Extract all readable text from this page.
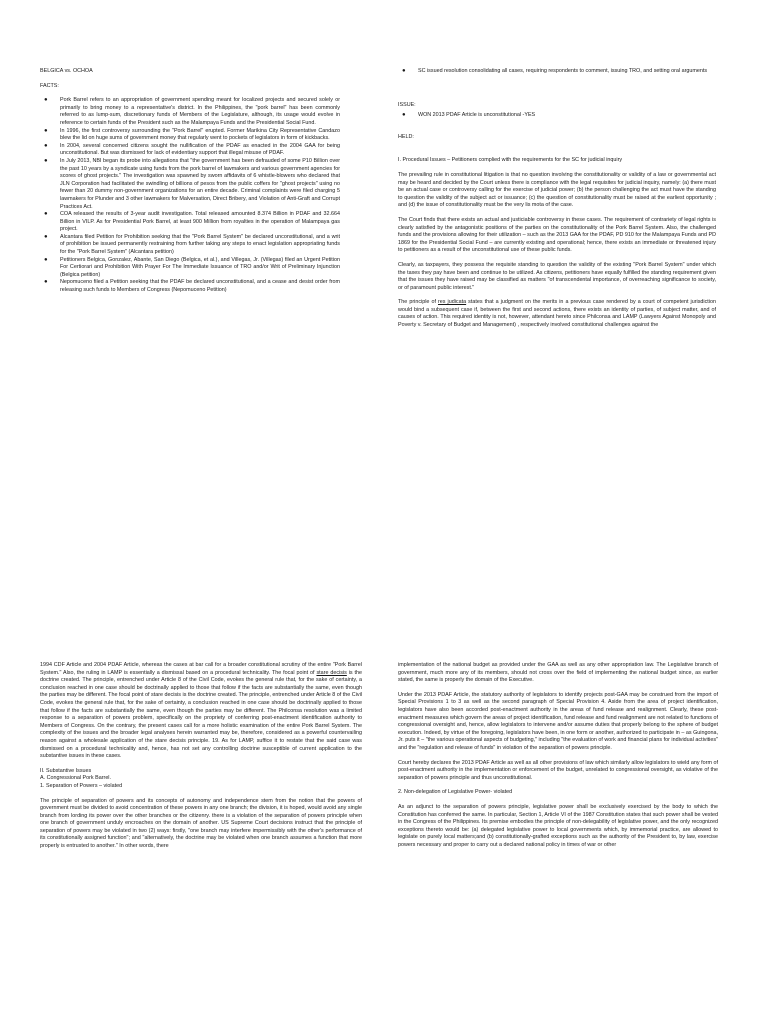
BELGICA vs. OCHOA
FACTS:
● Pork Barrel refers to an appropriation of government spending meant for localized projects and secured solely or primarily to bring money to a representative's district. In the Philippines, the "pork barrel" has been commonly referred to as lump-sum, discretionary funds of Members of the Legislature, although, its usage would evolve in reference to certain funds of the President such as the Malampaya Funds and the Presidential Social Fund.
● In 1996, the first controversy surrounding the "Pork Barrel" erupted. Former Marikina City Representative Candazo blew the lid on huge sums of government money that regularly went to pockets of legislators in form of kickbacks.
● In 2004, several concerned citizens sought the nullification of the PDAF as enacted in the 2004 GAA for being unconstitutional. But was dismissed for lack of evidentiary support that illegal misuse of PDAF.
● In July 2013, NBI began its probe into allegations that "the government has been defrauded of some P10 Billion over the past 10 years by a syndicate using funds from the pork barrel of lawmakers and various government agencies for scores of ghost projects." The investigation was spawned by sworn affidavits of 6 whistle-blowers who declared that JLN Corporation had facilitated the swindling of billions of pesos from the public coffers for "ghost projects" using no fewer than 20 dummy non-government organizations for an entire decade. Criminal complaints were filed charging 5 lawmakers for Plunder and 3 other lawmakers for Malversation, Direct Bribery, and Violation of Anti-Graft and Corrupt Practices Act.
● COA released the results of 3-year audit investigation. Total released amounted 8.374 Billion in PDAF and 32.664 Billion in VILP. As for Presidential Pork Barrel, at least 900 Million from royalties in the operation of Malampaya gas project.
● Alcantara filed Petition for Prohibition seeking that the "Pork Barrel System" be declared unconstitutional, and a writ of prohibition be issued permanently restraining from further taking any steps to enact legislation appropriating funds for the "Pork Barrel System" (Alcantara petition)
● Petitioners Belgica, Gonzalez, Abante, San Diego (Belgica, et al.), and Villegas, Jr. (Villegas) filed an Urgent Petition For Certiorari and Prohibition With Prayer For The Immediate Issuance of TRO and/or Writ of Preliminary Injunction (Belgica petition)
● Nepomuceno filed a Petition seeking that the PDAF be declared unconstitutional, and a cease and desist order from releasing such funds to Members of Congress (Nepomuceno Petition)
● SC issued resolution consolidating all cases, requiring respondents to comment, issuing TRO, and setting oral arguments
ISSUE:
● WON 2013 PDAF Article is unconstitutional -YES
HELD:

I. Procedural Issues – Petitioners complied with the requirements for the SC for judicial inquiry

The prevailing rule in constitutional litigation is that no question involving the constitutionality or validity of a law or governmental act may be heard and decided by the Court unless there is compliance with the legal requisites for judicial inquiry, namely: (a) there must be an actual case or controversy calling for the exercise of judicial power; (b) the person challenging the act must have the standing to question the validity of the subject act or issuance; (c) the question of constitutionality must be raised at the earliest opportunity ; and (d) the issue of constitutionality must be the very lis mota of the case.

The Court finds that there exists an actual and justiciable controversy in these cases. The requirement of contrariety of legal rights is clearly satisfied by the antagonistic positions of the parties on the constitutionality of the Pork Barrel System. Also, the challenged funds and the provisions allowing for their utilization – such as the 2013 GAA for the PDAF, PD 910 for the Malampaya Funds and PD 1869 for the Presidential Social Fund – are currently existing and operational; hence, there exists an immediate or threatened injury to petitioners as a result of the unconstitutional use of these public funds.

Clearly, as taxpayers, they possess the requisite standing to question the validity of the existing "Pork Barrel System" under which the taxes they pay have been and continue to be utilized. As citizens, petitioners have equally fulfilled the standing requirement given that the issues they have raised may be classified as matters "of transcendental importance, of overreaching significance to society, or of paramount public interest."

The principle of res judicata states that a judgment on the merits in a previous case rendered by a court of competent jurisdiction would bind a subsequent case if, between the first and second actions, there exists an identity of parties, of subject matter, and of causes of action. This required identity is not, however, attendant hereto since Philconsa and LAMP (Lawyers Against Monopoly and Poverty v. Secretary of Budget and Management) , respectively involved constitutional challenges against the

1994 CDF Article and 2004 PDAF Article, whereas the cases at bar call for a broader constitutional scrutiny of the entire "Pork Barrel System." Also, the ruling in LAMP is essentially a dismissal based on a procedural technicality. The focal point of stare decisis is the doctrine created. The principle, entrenched under Article 8 of the Civil Code, evokes the general rule that, for the sake of certainty, a conclusion reached in one case should be doctrinally applied to those that follow if the facts are substantially the same, even though the parties may be different. The focal point of stare decisis is the doctrine created. The principle, entrenched under Article 8 of the Civil Code, evokes the general rule that, for the sake of certainty, a conclusion reached in one case should be doctrinally applied to those that follow if the facts are substantially the same, even though the parties may be different. The Philconsa resolution was a limited response to a separation of powers problem, specifically on the propriety of conferring post-enactment identification authority to Members of Congress. On the contrary, the present cases call for a more holistic examination of the entire Pork Barrel System. The complexity of the issues and the broader legal analyses herein warranted may be, therefore, considered as a powerful countervailing reason against a wholesale application of the stare decisis principle. 19. As for LAMP, suffice it to restate that the said case was dismissed on a procedural technicality and, hence, has not set any controlling doctrine susceptible of current application to the substantive issues in these cases.

II. Substantive Issues
A. Congressional Pork Barrel.

1. Separation of Powers – violated

The principle of separation of powers and its concepts of autonomy and independence stem from the notion that the powers of government must be divided to avoid concentration of these powers in any one branch; the division, it is hoped, would avoid any single branch from lording its power over the other branches or the citizenry. there is a violation of the separation of powers principle when one branch of government unduly encroaches on the domain of another. US Supreme Court decisions instruct that the principle of separation of powers may be violated in two (2) ways: firstly, "one branch may interfere impermissibly with the other's performance of its constitutionally assigned function"; and "alternatively, the doctrine may be violated when one branch assumes a function that more properly is entrusted to another." In other words, there

implementation of the national budget as provided under the GAA as well as any other appropriation law. The Legislative branch of government, much more any of its members, should not cross over the field of implementing the national budget since, as earlier stated, the same is properly the domain of the Executive.

Under the 2013 PDAF Article, the statutory authority of legislators to identify projects post-GAA may be construed from the import of Special Provisions 1 to 3 as well as the second paragraph of Special Provision 4. Aside from the area of project identification, legislators have also been accorded post-enactment authority in the areas of fund release and realignment. Clearly, these post-enactment measures which govern the areas of project identification, fund release and fund realignment are not related to functions of congressional oversight and, hence, allow legislators to intervene and/or assume duties that properly belong to the sphere of budget execution. Indeed, by virtue of the foregoing, legislators have been, in one form or another, authorized to participate in – as Guingona, Jr. puts it – "the various operational aspects of budgeting," including "the evaluation of work and financial plans for individual activities" and the "regulation and release of funds" in violation of the separation of powers principle.

Court hereby declares the 2013 PDAF Article as well as all other provisions of law which similarly allow legislators to wield any form of post-enactment authority in the implementation or enforcement of the budget, unrelated to congressional oversight, as violative of the separation of powers principle and thus unconstitutional.

2. Non-delegation of Legislative Power- violated

As an adjunct to the separation of powers principle, legislative power shall be exclusively exercised by the body to which the Constitution has conferred the same. In particular, Section 1, Article VI of the 1987 Constitution states that such power shall be vested in the Congress of the Philippines. Its premise embodies the principle of non-delegability of legislative power, and the only recognized exceptions thereto would be: (a) delegated legislative power to local governments which, by immemorial practice, are allowed to legislate on purely local matters;and (b) constitutionally-grafted exceptions such as the authority of the President to, by law, exercise powers necessary and proper to carry out a declared national policy in times of war or other
